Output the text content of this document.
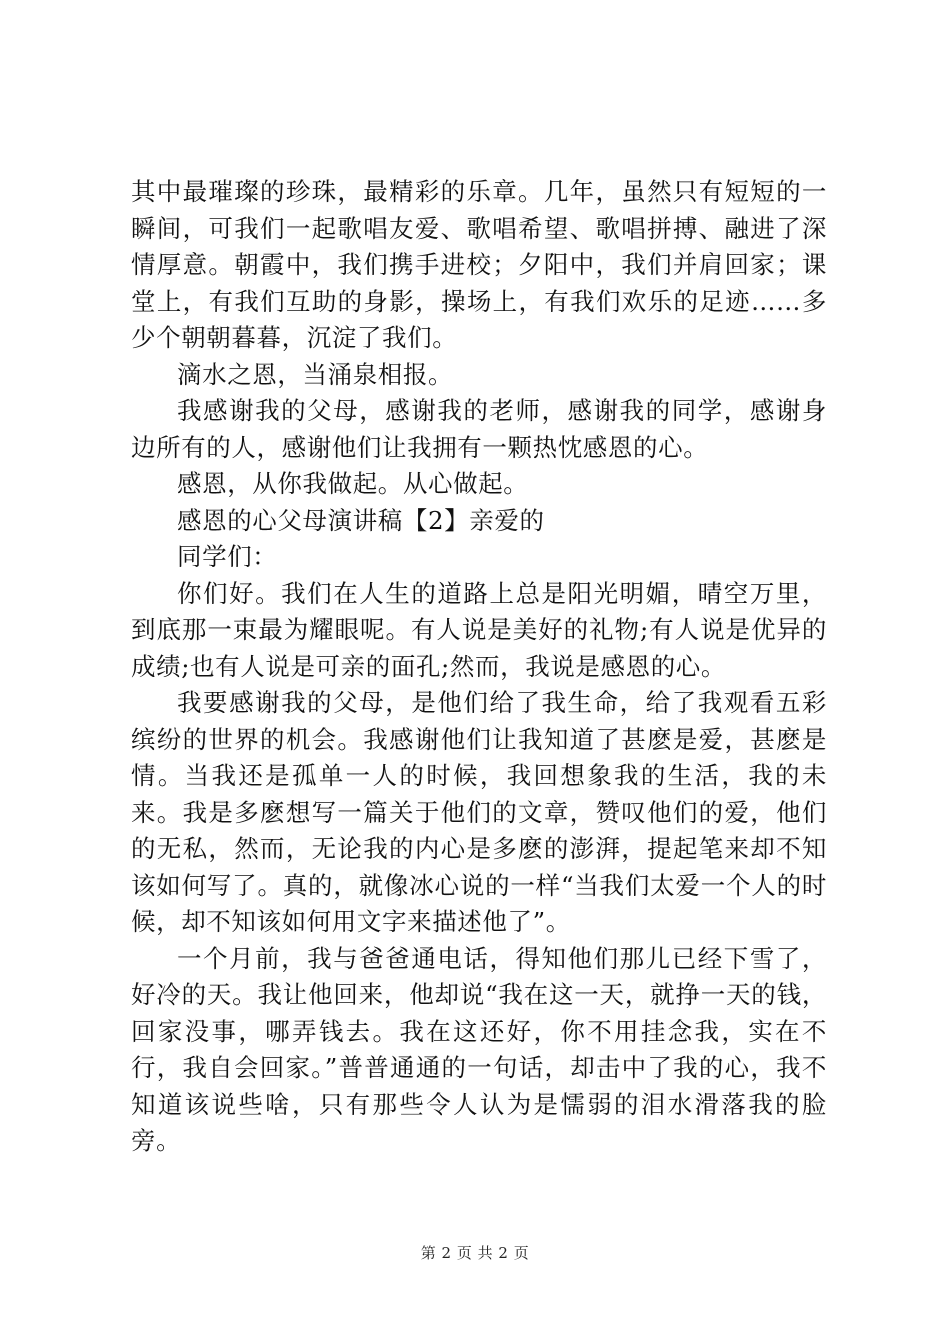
其中最璀璨的珍珠，最精彩的乐章。几年，虽然只有短短的一瞬间，可我们一起歌唱友爱、歌唱希望、歌唱拼搏、融进了深情厚意。朝霞中，我们携手进校；夕阳中，我们并肩回家；课堂上，有我们互助的身影，操场上，有我们欢乐的足迹……多少个朝朝暮暮，沉淀了我们。

滴水之恩，当涌泉相报。

我感谢我的父母，感谢我的老师，感谢我的同学，感谢身边所有的人，感谢他们让我拥有一颗热忱感恩的心。

感恩，从你我做起。从心做起。

感恩的心父母演讲稿【2】亲爱的

同学们：

你们好。我们在人生的道路上总是阳光明媚，晴空万里，到底那一束最为耀眼呢。有人说是美好的礼物;有人说是优异的成绩;也有人说是可亲的面孔;然而，我说是感恩的心。

我要感谢我的父母，是他们给了我生命，给了我观看五彩缤纷的世界的机会。我感谢他们让我知道了甚麽是爱，甚麽是情。当我还是孤单一人的时候，我回想象我的生活，我的未来。我是多麽想写一篇关于他们的文章，赞叹他们的爱，他们的无私，然而，无论我的内心是多麽的澎湃，提起笔来却不知该如何写了。真的，就像冰心说的一样“当我们太爱一个人的时候，却不知该如何用文字来描述他了”。

一个月前，我与爸爸通电话，得知他们那儿已经下雪了，好冷的天。我让他回来，他却说“我在这一天，就挣一天的钱，回家没事，哪弄钱去。我在这还好，你不用挂念我，实在不行，我自会回家。”普普通通的一句话，却击中了我的心，我不知道该说些啥，只有那些令人认为是懦弱的泪水滑落我的脸旁。

第 2 页 共 2 页
